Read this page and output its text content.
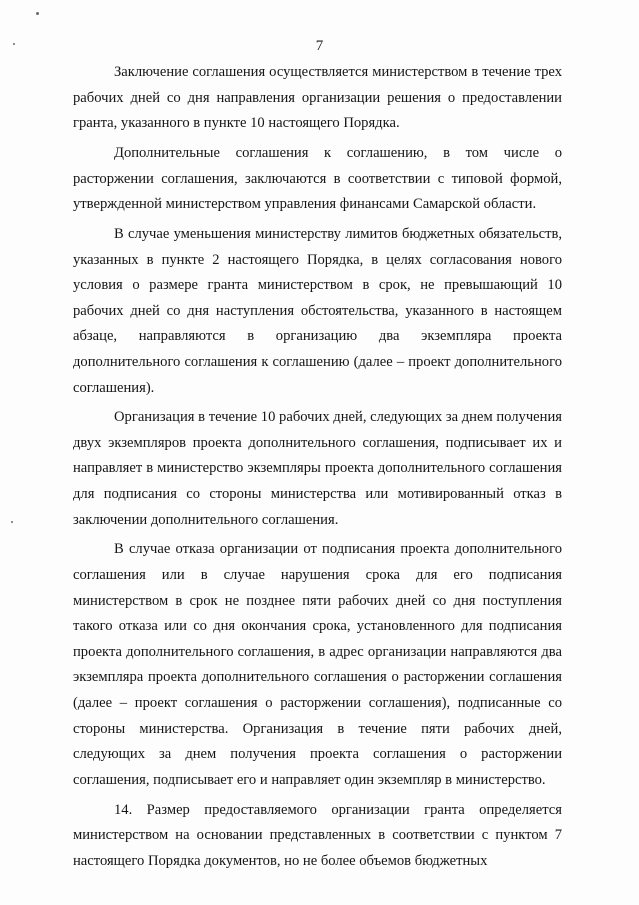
7

Заключение соглашения осуществляется министерством в течение трех рабочих дней со дня направления организации решения о предоставлении гранта, указанного в пункте 10 настоящего Порядка.

Дополнительные соглашения к соглашению, в том числе о расторжении соглашения, заключаются в соответствии с типовой формой, утвержденной министерством управления финансами Самарской области.

В случае уменьшения министерству лимитов бюджетных обязательств, указанных в пункте 2 настоящего Порядка, в целях согласования нового условия о размере гранта министерством в срок, не превышающий 10 рабочих дней со дня наступления обстоятельства, указанного в настоящем абзаце, направляются в организацию два экземпляра проекта дополнительного соглашения к соглашению (далее – проект дополнительного соглашения).

Организация в течение 10 рабочих дней, следующих за днем получения двух экземпляров проекта дополнительного соглашения, подписывает их и направляет в министерство экземпляры проекта дополнительного соглашения для подписания со стороны министерства или мотивированный отказ в заключении дополнительного соглашения.

В случае отказа организации от подписания проекта дополнительного соглашения или в случае нарушения срока для его подписания министерством в срок не позднее пяти рабочих дней со дня поступления такого отказа или со дня окончания срока, установленного для подписания проекта дополнительного соглашения, в адрес организации направляются два экземпляра проекта дополнительного соглашения о расторжении соглашения (далее – проект соглашения о расторжении соглашения), подписанные со стороны министерства. Организация в течение пяти рабочих дней, следующих за днем получения проекта соглашения о расторжении соглашения, подписывает его и направляет один экземпляр в министерство.

14. Размер предоставляемого организации гранта определяется министерством на основании представленных в соответствии с пунктом 7 настоящего Порядка документов, но не более объемов бюджетных
